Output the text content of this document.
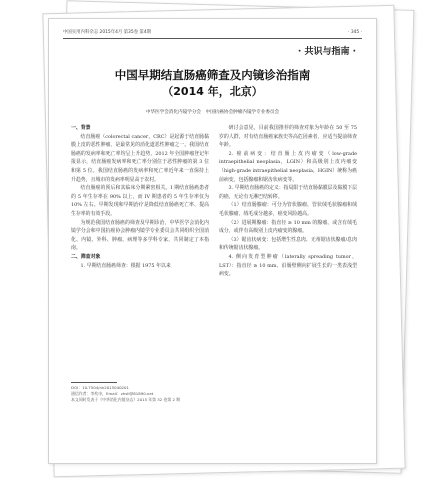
中国实用内科杂志 2015年4月 第35卷 第4期	· 345 ·
· 共识与指南 ·
中国早期结直肠癌筛查及内镜诊治指南
（2014 年，北京）
中华医学会消化内镜学分会　中国抗癌协会肿瘤内镜学专业委员会

一、背景

结直肠癌（colorectal cancer，CRC）是起源于结直肠黏膜上皮的恶性肿瘤，是最常见的消化道恶性肿瘤之一。我国结直肠癌的发病率和死亡率均呈上升趋势，2012 年全国肿瘤登记年报显示，结直肠癌发病率和死亡率分别位于恶性肿瘤的第 3 位和第 5 位。我国结直肠癌的发病率和死亡率近年来一直保持上升趋势，且城市的发病率明显高于农村。

结直肠癌的预后和其临床分期紧密相关。I 期结直肠癌患者的 5 年生存率在 90% 以上，而 IV 期患者的 5 年生存率仅为 10% 左右。早期发现和早期治疗是降低结直肠癌死亡率、提高生存率的有效手段。

为规范我国结直肠癌的筛查及早期诊治，中华医学会消化内镜学分会和中国抗癌协会肿瘤内镜学专业委员会共同组织全国消化、内镜、外科、肿瘤、病理等多学科专家，共同制定了本指南。

二、筛查对象

1. 早期结直肠癌筛查：根据 1975 年以来

研讨会意见，目前我国推荐的筛查对象为年龄在 50 至 75 岁的人群，对有结直肠癌家族史等高危因素者，应适当提前筛查年龄。

2. 癌前病变：结直肠上皮内瘤变（low-grade intraepithelial neoplasia，LGIN）和高级别上皮内瘤变（high-grade intraepithelial neoplasia，HGIN）统称为癌前病变，包括腺瘤和锯齿状病变等。

3. 早期结直肠癌的定义：指局限于结直肠黏膜层及黏膜下层的癌，无论有无淋巴结转移。

（1）结直肠腺瘤：可分为管状腺瘤、管状绒毛状腺瘤和绒毛状腺瘤，绒毛成分越多，癌变风险越高。

（2）进展期腺瘤：指直径 ≥ 10 mm 的腺瘤，或含有绒毛成分，或伴有高级别上皮内瘤变的腺瘤。

（3）锯齿状病变：包括增生性息肉、无蒂锯齿状腺瘤/息肉和传统锯齿状腺瘤。

4. 侧向发育型肿瘤（laterally spreading tumor，LST）：指直径 ≥ 10 mm、沿肠壁侧向扩展生长的一类表浅型病变。

DOI：10.7504/nk2015040201

通信作者：李兆申，Email：zhsli@81890.net

本文同时发表于《中华消化内镜杂志》2015 年第 32 卷第 2 期
